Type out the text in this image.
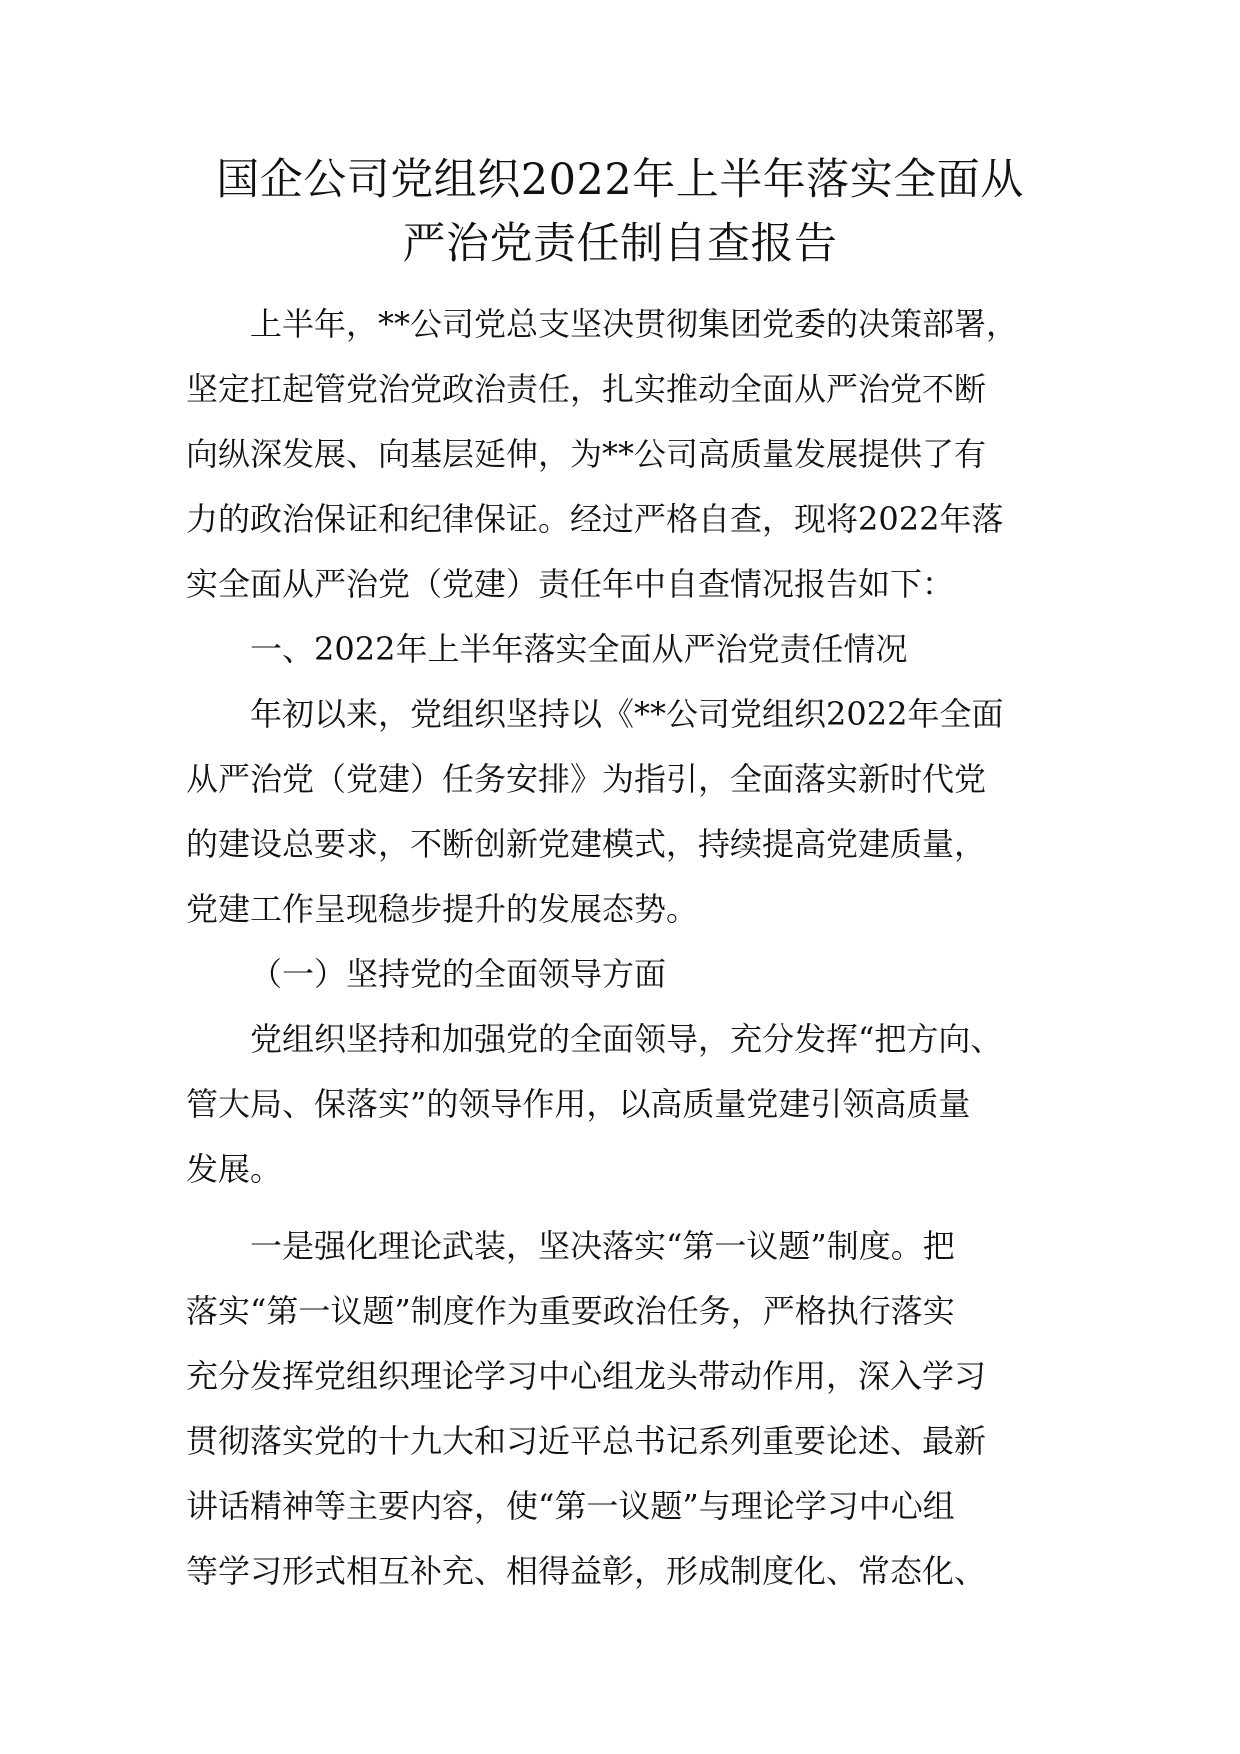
国企公司党组织2022年上半年落实全面从
严治党责任制自查报告
上半年，**公司党总支坚决贯彻集团党委的决策部署，
坚定扛起管党治党政治责任，扎实推动全面从严治党不断
向纵深发展、向基层延伸，为**公司高质量发展提供了有
力的政治保证和纪律保证。经过严格自查，现将2022年落
实全面从严治党（党建）责任年中自查情况报告如下：
一、2022年上半年落实全面从严治党责任情况
年初以来，党组织坚持以《**公司党组织2022年全面
从严治党（党建）任务安排》为指引，全面落实新时代党
的建设总要求，不断创新党建模式，持续提高党建质量，
党建工作呈现稳步提升的发展态势。
（一）坚持党的全面领导方面
党组织坚持和加强党的全面领导，充分发挥“把方向、
管大局、保落实”的领导作用，以高质量党建引领高质量
发展。
一是强化理论武装，坚决落实“第一议题”制度。把
落实“第一议题”制度作为重要政治任务，严格执行落实
充分发挥党组织理论学习中心组龙头带动作用，深入学习
贯彻落实党的十九大和习近平总书记系列重要论述、最新
讲话精神等主要内容，使“第一议题”与理论学习中心组
等学习形式相互补充、相得益彰，形成制度化、常态化、
